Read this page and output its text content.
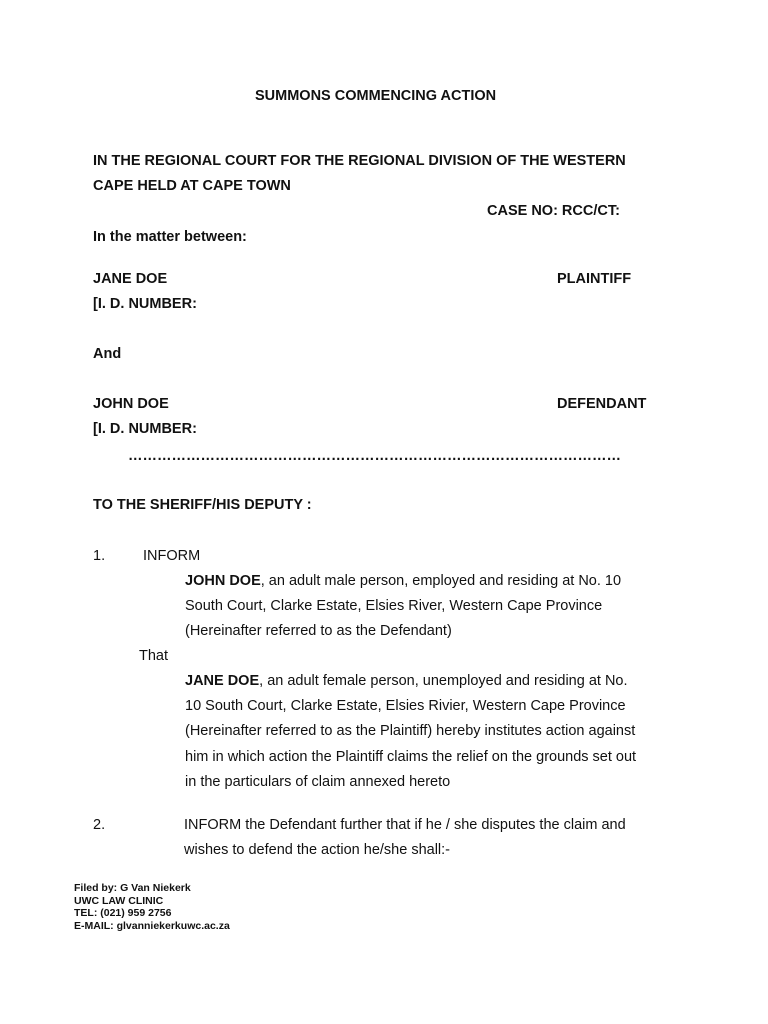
SUMMONS COMMENCING ACTION
IN THE REGIONAL COURT FOR THE REGIONAL DIVISION OF THE WESTERN
CAPE HELD AT CAPE TOWN
CASE NO: RCC/CT:
In the matter between:
JANE DOE	PLAINTIFF
[I. D. NUMBER:
And
JOHN DOE	DEFENDANT
[I. D. NUMBER:
…………………………………………………………………………………………
TO THE SHERIFF/HIS DEPUTY :
1.	INFORM
JOHN DOE, an adult male person, employed and residing at No. 10
South Court, Clarke Estate, Elsies River, Western Cape Province
(Hereinafter referred to as the Defendant)
That
JANE DOE, an adult female person, unemployed and residing at No.
10 South Court, Clarke Estate, Elsies Rivier, Western Cape Province
(Hereinafter referred to as the Plaintiff) hereby institutes action against
him in which action the Plaintiff claims the relief on the grounds set out
in the particulars of claim annexed hereto
2.	INFORM the Defendant further that if he / she disputes the claim and
wishes to defend the action he/she shall:-
Filed by: G Van Niekerk
UWC LAW CLINIC
TEL: (021) 959 2756
E-MAIL: glvanniekerkuwc.ac.za
